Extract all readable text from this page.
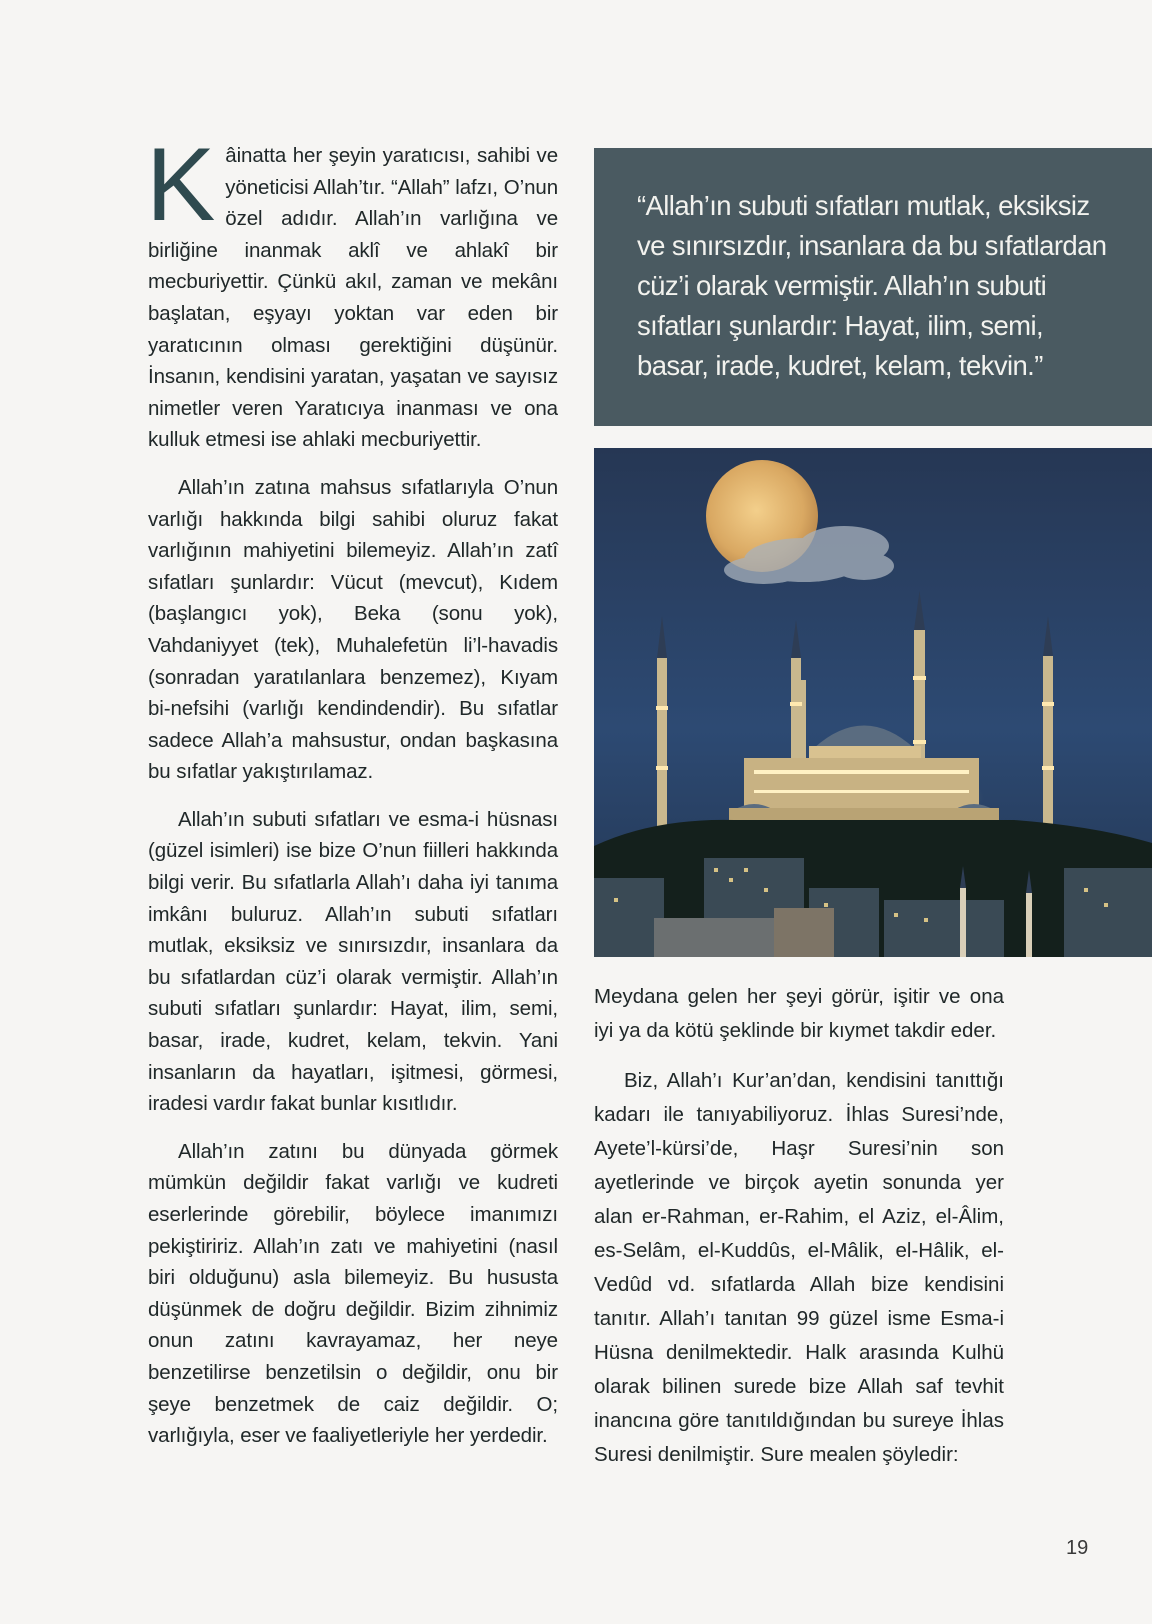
Kâinatta her şeyin yaratıcısı, sahibi ve yöneticisi Allah’tır. “Allah” lafzı, O’nun özel adıdır. Allah’ın varlığına ve birliğine inanmak aklî ve ahlakî bir mecburiyettir. Çünkü akıl, zaman ve mekânı başlatan, eşyayı yoktan var eden bir yaratıcının olması gerektiğini düşünür. İnsanın, kendisini yaratan, yaşatan ve sayısız nimetler veren Yaratıcıya inanması ve ona kulluk etmesi ise ahlaki mecburiyettir.

Allah’ın zatına mahsus sıfatlarıyla O’nun varlığı hakkında bilgi sahibi oluruz fakat varlığının mahiyetini bilemeyiz. Allah’ın zatî sıfatları şunlardır: Vücut (mevcut), Kıdem (başlangıcı yok), Beka (sonu yok), Vahdaniyyet (tek), Muhalefetün li’l-havadis (sonradan yaratılanlara benzemez), Kıyam bi-nefsihi (varlığı kendindendir). Bu sıfatlar sadece Allah’a mahsustur, ondan başkasına bu sıfatlar yakıştırılamaz.

Allah’ın subuti sıfatları ve esma-i hüsnası (güzel isimleri) ise bize O’nun fiilleri hakkında bilgi verir. Bu sıfatlarla Allah’ı daha iyi tanıma imkânı buluruz. Allah’ın subuti sıfatları mutlak, eksiksiz ve sınırsızdır, insanlara da bu sıfatlardan cüz’i olarak vermiştir. Allah’ın subuti sıfatları şunlardır: Hayat, ilim, semi, basar, irade, kudret, kelam, tekvin. Yani insanların da hayatları, işitmesi, görmesi, iradesi vardır fakat bunlar kısıtlıdır.

Allah’ın zatını bu dünyada görmek mümkün değildir fakat varlığı ve kudreti eserlerinde görebilir, böylece imanımızı pekiştiririz. Allah’ın zatı ve mahiyetini (nasıl biri olduğunu) asla bilemeyiz. Bu hususta düşünmek de doğru değildir. Bizim zihnimiz onun zatını kavrayamaz, her neye benzetilirse benzetilsin o değildir, onu bir şeye benzetmek de caiz değildir. O; varlığıyla, eser ve faaliyetleriyle her yerdedir.

“Allah’ın subuti sıfatları mutlak, eksiksiz ve sınırsızdır, insanlara da bu sıfatlardan cüz’i olarak vermiştir. Allah’ın subuti sıfatları şunlardır: Hayat, ilim, semi, basar, irade, kudret, kelam, tekvin.”

Meydana gelen her şeyi görür, işitir ve ona iyi ya da kötü şeklinde bir kıymet takdir eder.

Biz, Allah’ı Kur’an’dan, kendisini tanıttığı kadarı ile tanıyabiliyoruz. İhlas Suresi’nde, Ayete’l-kürsi’de, Haşr Suresi’nin son ayetlerinde ve birçok ayetin sonunda yer alan er-Rahman, er-Rahim, el Aziz, el-Âlim, es-Selâm, el-Kuddûs, el-Mâlik, el-Hâlik, el-Vedûd vd. sıfatlarda Allah bize kendisini tanıtır. Allah’ı tanıtan 99 güzel isme Esma-i Hüsna denilmektedir. Halk arasında Kulhü olarak bilinen surede bize Allah saf tevhit inancına göre tanıtıldığından bu sureye İhlas Suresi denilmiştir. Sure mealen şöyledir:

19
